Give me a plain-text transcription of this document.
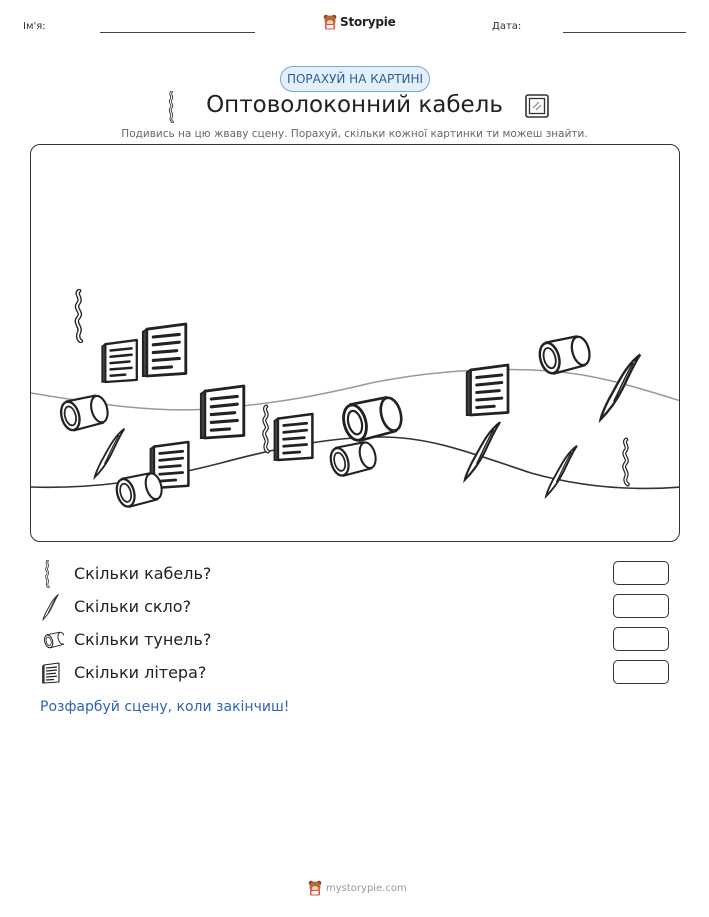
Ім'я:	Storypie	Дата:
ПОРАХУЙ НА КАРТИНІ
Оптоволоконний кабель
Подивись на цю жваву сцену. Порахуй, скільки кожної картинки ти можеш знайти.
Скільки кабель?
Скільки скло?
Скільки тунель?
Скільки літера?
Розфарбуй сцену, коли закінчиш!
mystorypie.com
